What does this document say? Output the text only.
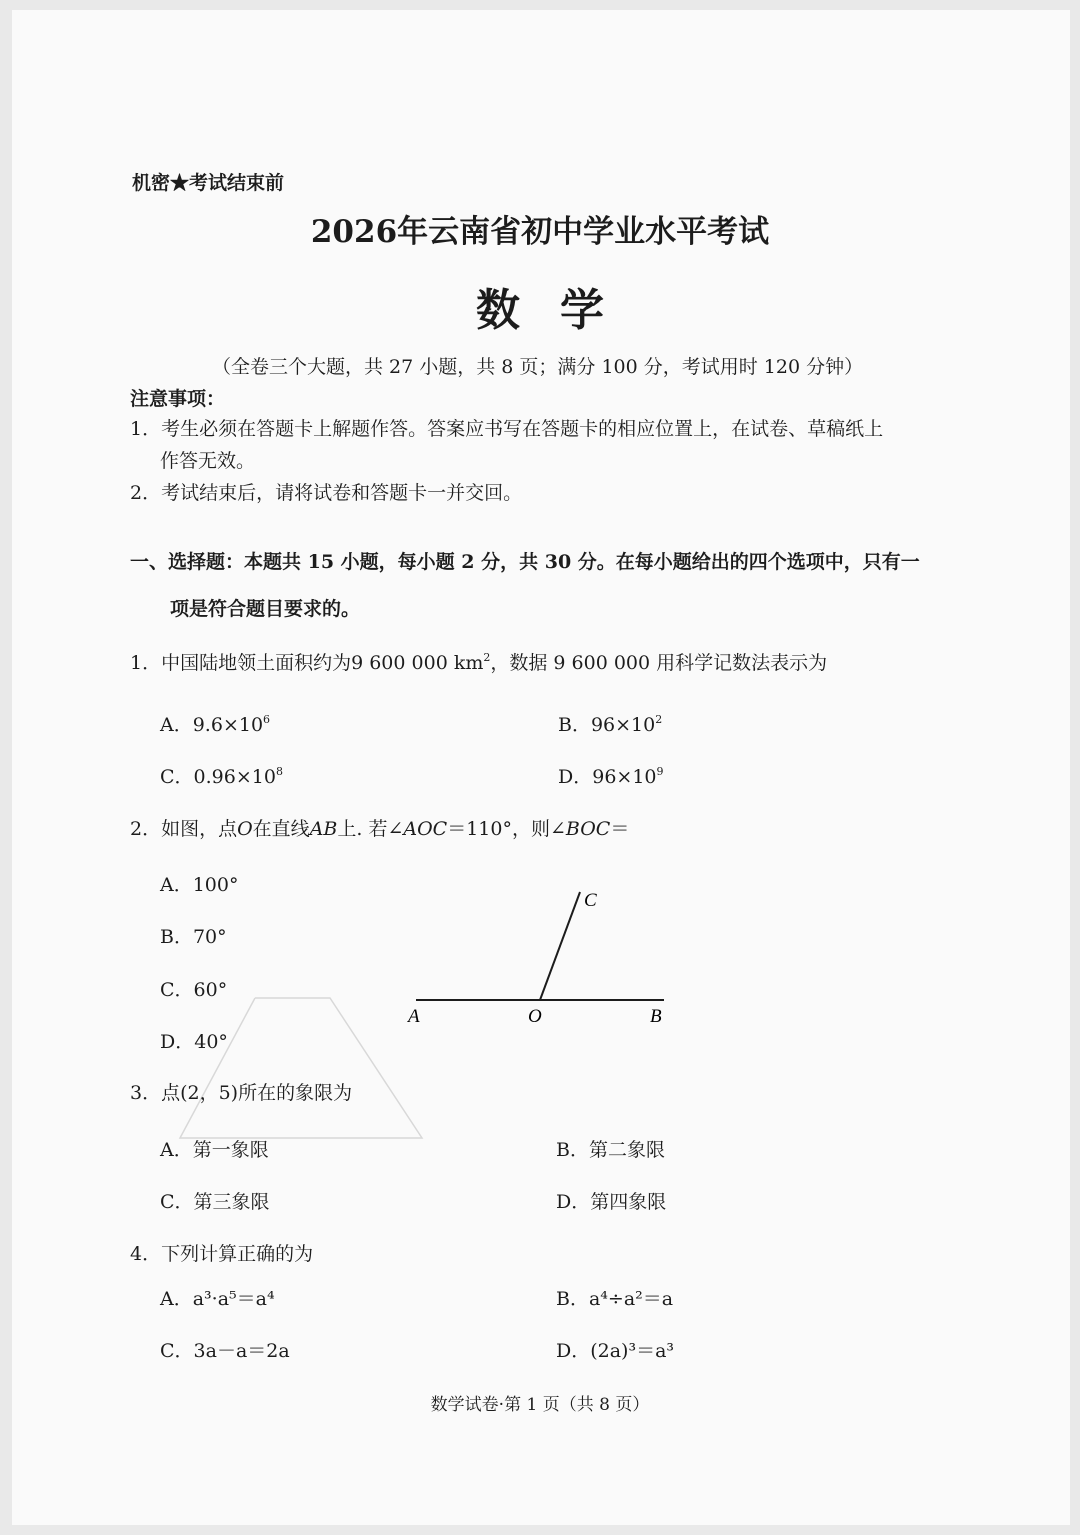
机密★考试结束前
2026年云南省初中学业水平考试
数学
（全卷三个大题，共 27 小题，共 8 页；满分 100 分，考试用时 120 分钟）
注意事项：
1．考生必须在答题卡上解题作答。答案应书写在答题卡的相应位置上，在试卷、草稿纸上
作答无效。
2．考试结束后，请将试卷和答题卡一并交回。
一、选择题：本题共 15 小题，每小题 2 分，共 30 分。在每小题给出的四个选项中，只有一
项是符合题目要求的。
1．中国陆地领土面积约为9 600 000 $km^2$，数据 9 600 000 用科学记数法表示为
A．$9.6\times 10^6$	B．$96\times 10^2$
C．$0.96\times 10^8$	D．$96\times 10^9$
2．如图，点O在直线AB上. 若∠AOC＝110°，则∠BOC＝
A．100°
B．70°
C．60°
D．40°
A	O	B
C
3．点(2，5)所在的象限为
A．第一象限	B．第二象限
C．第三象限	D．第四象限
4．下列计算正确的为
A．a³·a⁵＝a⁴	B．a⁴÷a²＝a
C．3a－a＝2a	D．(2a)³＝a³
数学试卷·第 1 页（共 8 页）
